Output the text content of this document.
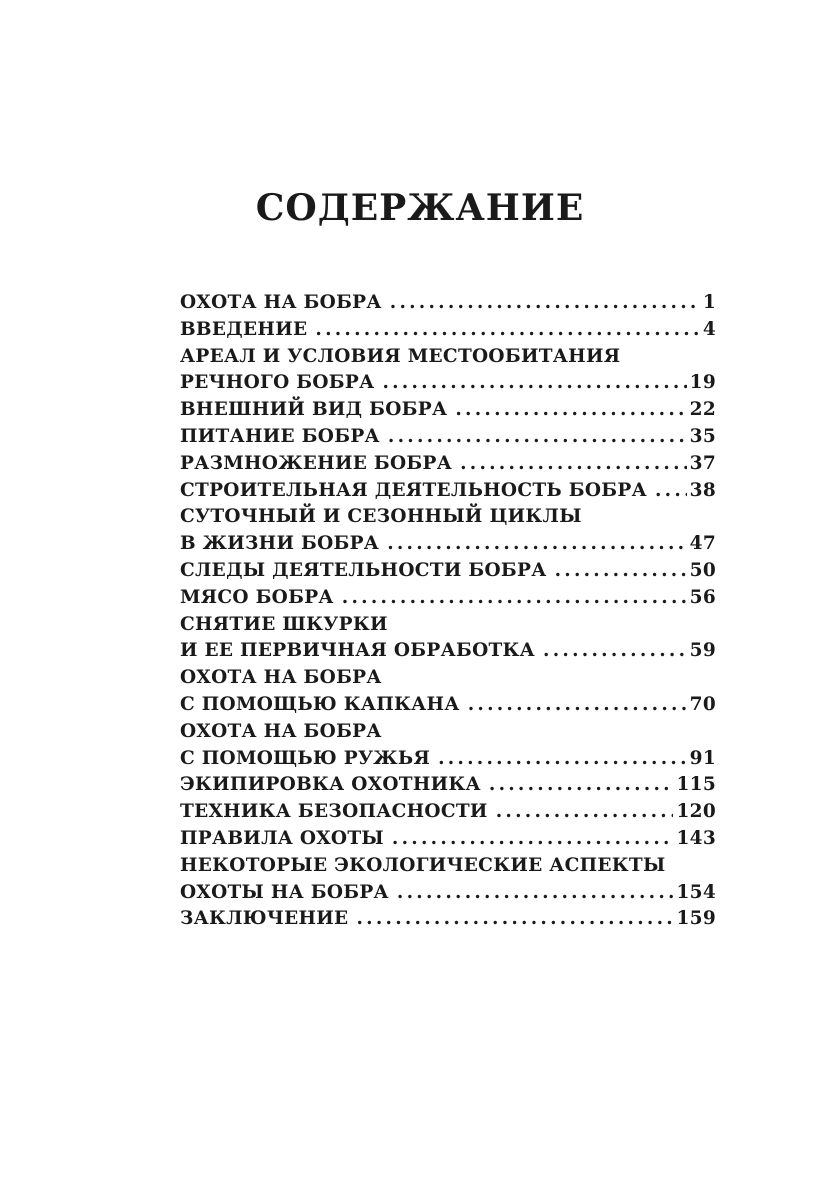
СОДЕРЖАНИЕ
ОХОТА НА БОБРА . . .	1
ВВЕДЕНИЕ . . .	4
АРЕАЛ И УСЛОВИЯ МЕСТООБИТАНИЯ
РЕЧНОГО БОБРА . . .	19
ВНЕШНИЙ ВИД БОБРА . . .	22
ПИТАНИЕ БОБРА . . .	35
РАЗМНОЖЕНИЕ БОБРА . . .	37
СТРОИТЕЛЬНАЯ ДЕЯТЕЛЬНОСТЬ БОБРА . . . 38
СУТОЧНЫЙ И СЕЗОННЫЙ ЦИКЛЫ
В ЖИЗНИ БОБРА . . .	47
СЛЕДЫ ДЕЯТЕЛЬНОСТИ БОБРА . . .	50
МЯСО БОБРА . . .	56
СНЯТИЕ ШКУРКИ
И ЕЕ ПЕРВИЧНАЯ ОБРАБОТКА . . .	59
ОХОТА НА БОБРА
С ПОМОЩЬЮ КАПКАНА . . .	70
ОХОТА НА БОБРА
С ПОМОЩЬЮ РУЖЬЯ . . .	91
ЭКИПИРОВКА ОХОТНИКА . . .	115
ТЕХНИКА БЕЗОПАСНОСТИ . . .	120
ПРАВИЛА ОХОТЫ . . .	143
НЕКОТОРЫЕ ЭКОЛОГИЧЕСКИЕ АСПЕКТЫ
ОХОТЫ НА БОБРА . . .	154
ЗАКЛЮЧЕНИЕ . . .	159
